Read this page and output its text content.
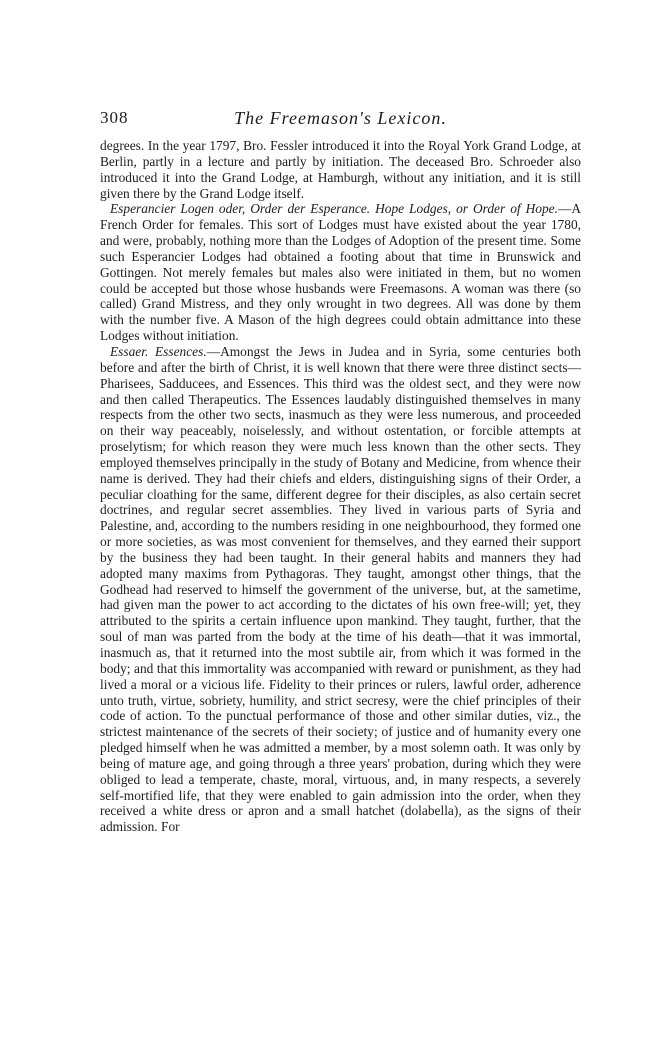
308	The Freemason's Lexicon.

degrees. In the year 1797, Bro. Fessler introduced it into the Royal York Grand Lodge, at Berlin, partly in a lecture and partly by initiation. The deceased Bro. Schroeder also introduced it into the Grand Lodge, at Hamburgh, without any initiation, and it is still given there by the Grand Lodge itself.

Esperancier Logen oder, Order der Esperance. Hope Lodges, or Order of Hope.—A French Order for females. This sort of Lodges must have existed about the year 1780, and were, probably, nothing more than the Lodges of Adoption of the present time. Some such Esperancier Lodges had obtained a footing about that time in Brunswick and Gottingen. Not merely females but males also were initiated in them, but no women could be accepted but those whose husbands were Freemasons. A woman was there (so called) Grand Mistress, and they only wrought in two degrees. All was done by them with the number five. A Mason of the high degrees could obtain admittance into these Lodges without initiation.

Essaer. Essences.—Amongst the Jews in Judea and in Syria, some centuries both before and after the birth of Christ, it is well known that there were three distinct sects—Pharisees, Sadducees, and Essences. This third was the oldest sect, and they were now and then called Therapeutics. The Essences laudably distinguished themselves in many respects from the other two sects, inasmuch as they were less numerous, and proceeded on their way peaceably, noiselessly, and without ostentation, or forcible attempts at proselytism; for which reason they were much less known than the other sects. They employed themselves principally in the study of Botany and Medicine, from whence their name is derived. They had their chiefs and elders, distinguishing signs of their Order, a peculiar cloathing for the same, different degree for their disciples, as also certain secret doctrines, and regular secret assemblies. They lived in various parts of Syria and Palestine, and, according to the numbers residing in one neighbourhood, they formed one or more societies, as was most convenient for themselves, and they earned their support by the business they had been taught. In their general habits and manners they had adopted many maxims from Pythagoras. They taught, amongst other things, that the Godhead had reserved to himself the government of the universe, but, at the sametime, had given man the power to act according to the dictates of his own free-will; yet, they attributed to the spirits a certain influence upon mankind. They taught, further, that the soul of man was parted from the body at the time of his death—that it was immortal, inasmuch as, that it returned into the most subtile air, from which it was formed in the body; and that this immortality was accompanied with reward or punishment, as they had lived a moral or a vicious life. Fidelity to their princes or rulers, lawful order, adherence unto truth, virtue, sobriety, humility, and strict secresy, were the chief principles of their code of action. To the punctual performance of those and other similar duties, viz., the strictest maintenance of the secrets of their society; of justice and of humanity every one pledged himself when he was admitted a member, by a most solemn oath. It was only by being of mature age, and going through a three years' probation, during which they were obliged to lead a temperate, chaste, moral, virtuous, and, in many respects, a severely self-mortified life, that they were enabled to gain admission into the order, when they received a white dress or apron and a small hatchet (dolabella), as the signs of their admission. For
